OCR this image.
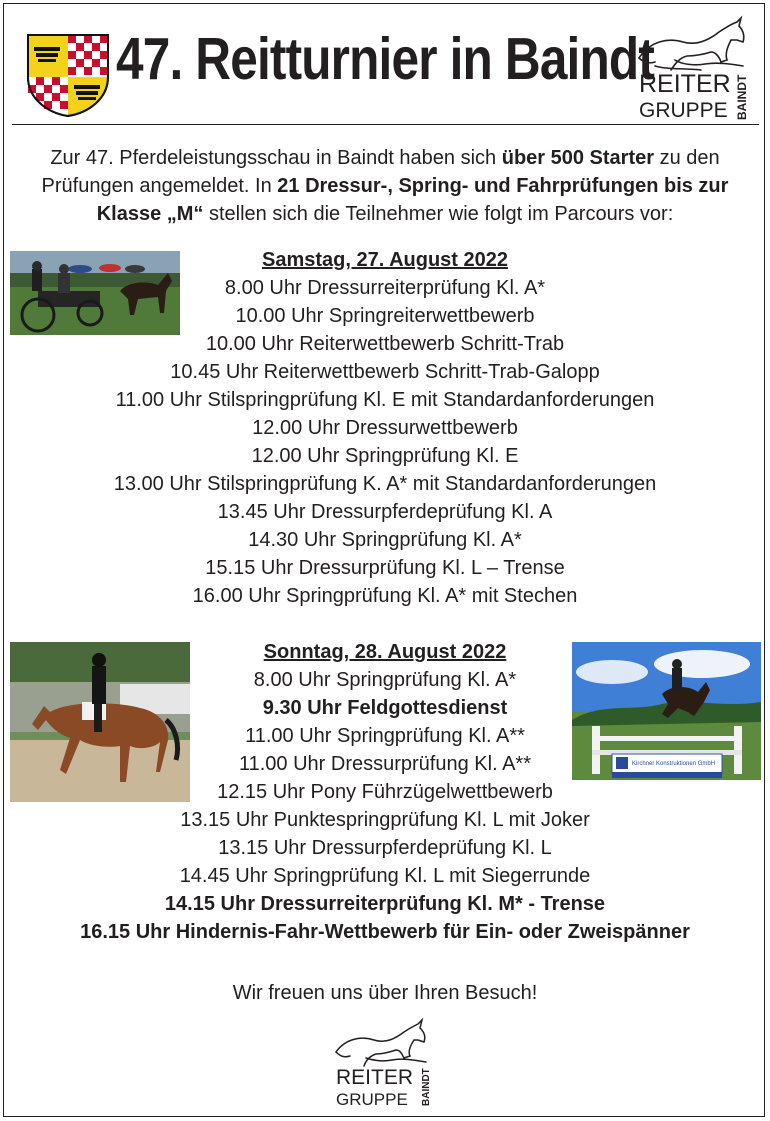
47. Reitturnier in Baindt
REITER
GRUPPE BAINDT
Zur 47. Pferdeleistungsschau in Baindt haben sich über 500 Starter zu den Prüfungen angemeldet. In 21 Dressur-, Spring- und Fahrprüfungen bis zur Klasse „M“ stellen sich die Teilnehmer wie folgt im Parcours vor:
Samstag, 27. August 2022
8.00 Uhr Dressurreiterprüfung Kl. A*
10.00 Uhr Springreiterwettbewerb
10.00 Uhr Reiterwettbewerb Schritt-Trab
10.45 Uhr Reiterwettbewerb Schritt-Trab-Galopp
11.00 Uhr Stilspringprüfung Kl. E mit Standardanforderungen
12.00 Uhr Dressurwettbewerb
12.00 Uhr Springprüfung Kl. E
13.00 Uhr Stilspringprüfung K. A* mit Standardanforderungen
13.45 Uhr Dressurpferdeprüfung Kl. A
14.30 Uhr Springprüfung Kl. A*
15.15 Uhr Dressurprüfung Kl. L – Trense
16.00 Uhr Springprüfung Kl. A* mit Stechen
Kirchner Konstruktionen GmbH
Sonntag, 28. August 2022
8.00 Uhr Springprüfung Kl. A*
9.30 Uhr Feldgottesdienst
11.00 Uhr Springprüfung Kl. A**
11.00 Uhr Dressurprüfung Kl. A**
12.15 Uhr Pony Führzügelwettbewerb
13.15 Uhr Punktespringprüfung Kl. L mit Joker
13.15 Uhr Dressurpferdeprüfung Kl. L
14.45 Uhr Springprüfung Kl. L mit Siegerrunde
14.15 Uhr Dressurreiterprüfung Kl. M* - Trense
16.15 Uhr Hindernis-Fahr-Wettbewerb für Ein- oder Zweispänner
Wir freuen uns über Ihren Besuch!
REITER
GRUPPE BAINDT
